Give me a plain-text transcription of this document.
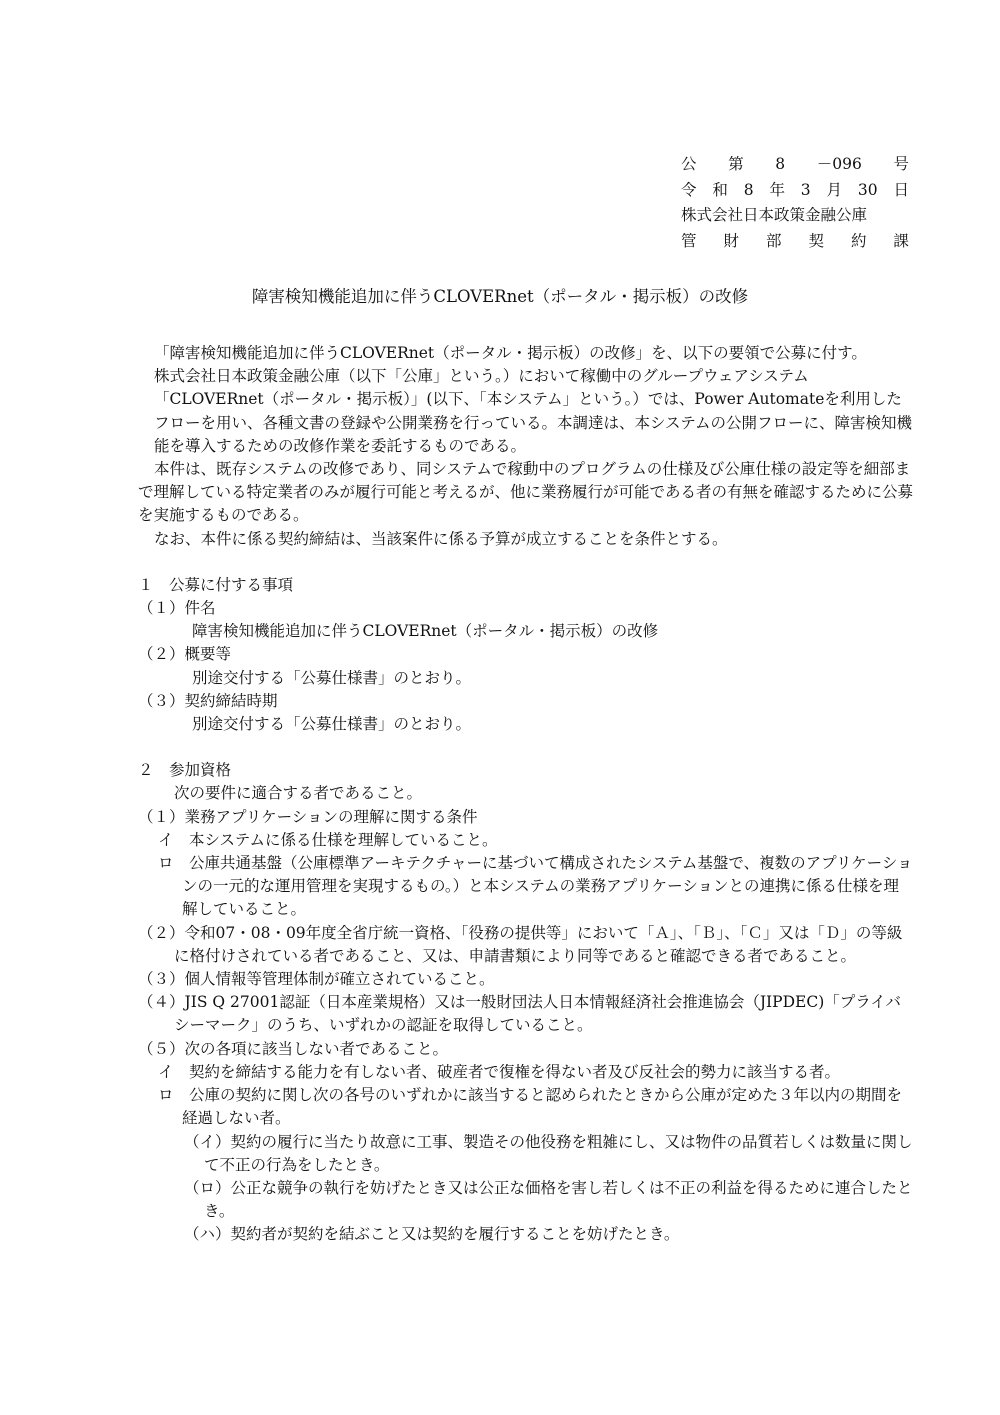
公 第 8 －096 号
令 和 8 年 3 月 30 日
株式会社日本政策金融公庫
管 財 部 契 約 課
障害検知機能追加に伴うCLOVERnet（ポータル・掲示板）の改修

「障害検知機能追加に伴うCLOVERnet（ポータル・掲示板）の改修」を、以下の要領で公募に付す。

株式会社日本政策金融公庫（以下「公庫」という。）において稼働中のグループウェアシステム「CLOVERnet（ポータル・掲示板）」(以下、「本システム」という。）では、Power Automateを利用したフローを用い、各種文書の登録や公開業務を行っている。本調達は、本システムの公開フローに、障害検知機能を導入するための改修作業を委託するものである。

本件は、既存システムの改修であり、同システムで稼動中のプログラムの仕様及び公庫仕様の設定等を細部まで理解している特定業者のみが履行可能と考えるが、他に業務履行が可能である者の有無を確認するために公募を実施するものである。

なお、本件に係る契約締結は、当該案件に係る予算が成立することを条件とする。

１　公募に付する事項

（１）件名

障害検知機能追加に伴うCLOVERnet（ポータル・掲示板）の改修

（２）概要等

別途交付する「公募仕様書」のとおり。

（３）契約締結時期

別途交付する「公募仕様書」のとおり。

２　参加資格

次の要件に適合する者であること。

（１）業務アプリケーションの理解に関する条件

イ　本システムに係る仕様を理解していること。

ロ　公庫共通基盤（公庫標準アーキテクチャーに基づいて構成されたシステム基盤で、複数のアプリケーションの一元的な運用管理を実現するもの。）と本システムの業務アプリケーションとの連携に係る仕様を理解していること。

（２）令和07・08・09年度全省庁統一資格、「役務の提供等」において「Ａ」、「Ｂ」、「Ｃ」又は「Ｄ」の等級に格付けされている者であること、又は、申請書類により同等であると確認できる者であること。

（３）個人情報等管理体制が確立されていること。

（４）JIS Q 27001認証（日本産業規格）又は一般財団法人日本情報経済社会推進協会（JIPDEC)「プライバシーマーク」のうち、いずれかの認証を取得していること。

（５）次の各項に該当しない者であること。

イ　契約を締結する能力を有しない者、破産者で復権を得ない者及び反社会的勢力に該当する者。

ロ　公庫の契約に関し次の各号のいずれかに該当すると認められたときから公庫が定めた３年以内の期間を経過しない者。

（イ）契約の履行に当たり故意に工事、製造その他役務を粗雑にし、又は物件の品質若しくは数量に関して不正の行為をしたとき。

（ロ）公正な競争の執行を妨げたとき又は公正な価格を害し若しくは不正の利益を得るために連合したとき。

（ハ）契約者が契約を結ぶこと又は契約を履行することを妨げたとき。
